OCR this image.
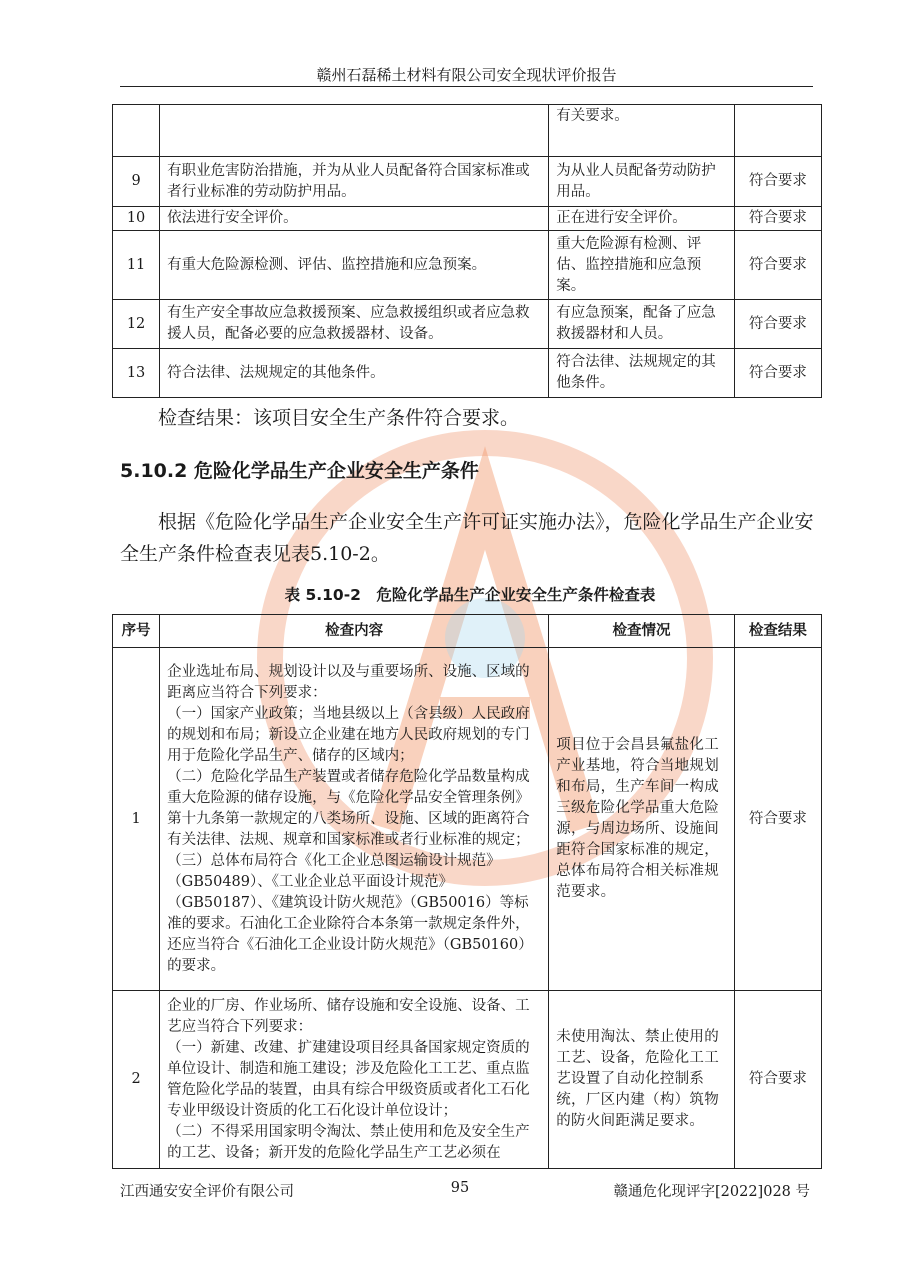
赣州石磊稀土材料有限公司安全现状评价报告
		有关要求。	
9	有职业危害防治措施，并为从业人员配备符合国家标准或者行业标准的劳动防护用品。	为从业人员配备劳动防护用品。	符合要求
10	依法进行安全评价。	正在进行安全评价。	符合要求
11	有重大危险源检测、评估、监控措施和应急预案。	重大危险源有检测、评估、监控措施和应急预案。	符合要求
12	有生产安全事故应急救援预案、应急救援组织或者应急救援人员，配备必要的应急救援器材、设备。	有应急预案，配备了应急救援器材和人员。	符合要求
13	符合法律、法规规定的其他条件。	符合法律、法规规定的其他条件。	符合要求
检查结果：该项目安全生产条件符合要求。
5.10.2 危险化学品生产企业安全生产条件
根据《危险化学品生产企业安全生产许可证实施办法》，危险化学品生产企业安全生产条件检查表见表5.10-2。
表 5.10-2　危险化学品生产企业安全生产条件检查表
序号	检查内容	检查情况	检查结果
1	企业选址布局、规划设计以及与重要场所、设施、区域的距离应当符合下列要求：
（一）国家产业政策；当地县级以上（含县级）人民政府的规划和布局；新设立企业建在地方人民政府规划的专门用于危险化学品生产、储存的区域内；
（二）危险化学品生产装置或者储存危险化学品数量构成重大危险源的储存设施，与《危险化学品安全管理条例》第十九条第一款规定的八类场所、设施、区域的距离符合有关法律、法规、规章和国家标准或者行业标准的规定；
（三）总体布局符合《化工企业总图运输设计规范》（GB50489）、《工业企业总平面设计规范》（GB50187）、《建筑设计防火规范》（GB50016）等标准的要求。石油化工企业除符合本条第一款规定条件外，还应当符合《石油化工企业设计防火规范》（GB50160）的要求。	项目位于会昌县氟盐化工产业基地，符合当地规划和布局，生产车间一构成三级危险化学品重大危险源，与周边场所、设施间距符合国家标准的规定，总体布局符合相关标准规范要求。	符合要求
2	企业的厂房、作业场所、储存设施和安全设施、设备、工艺应当符合下列要求：
（一）新建、改建、扩建建设项目经具备国家规定资质的单位设计、制造和施工建设；涉及危险化工工艺、重点监管危险化学品的装置，由具有综合甲级资质或者化工石化专业甲级设计资质的化工石化设计单位设计；
（二）不得采用国家明令淘汰、禁止使用和危及安全生产的工艺、设备；新开发的危险化学品生产工艺必须在	未使用淘汰、禁止使用的工艺、设备，危险化工工艺设置了自动化控制系统，厂区内建（构）筑物的防火间距满足要求。	符合要求
江西通安安全评价有限公司	95	赣通危化现评字[2022]028 号
